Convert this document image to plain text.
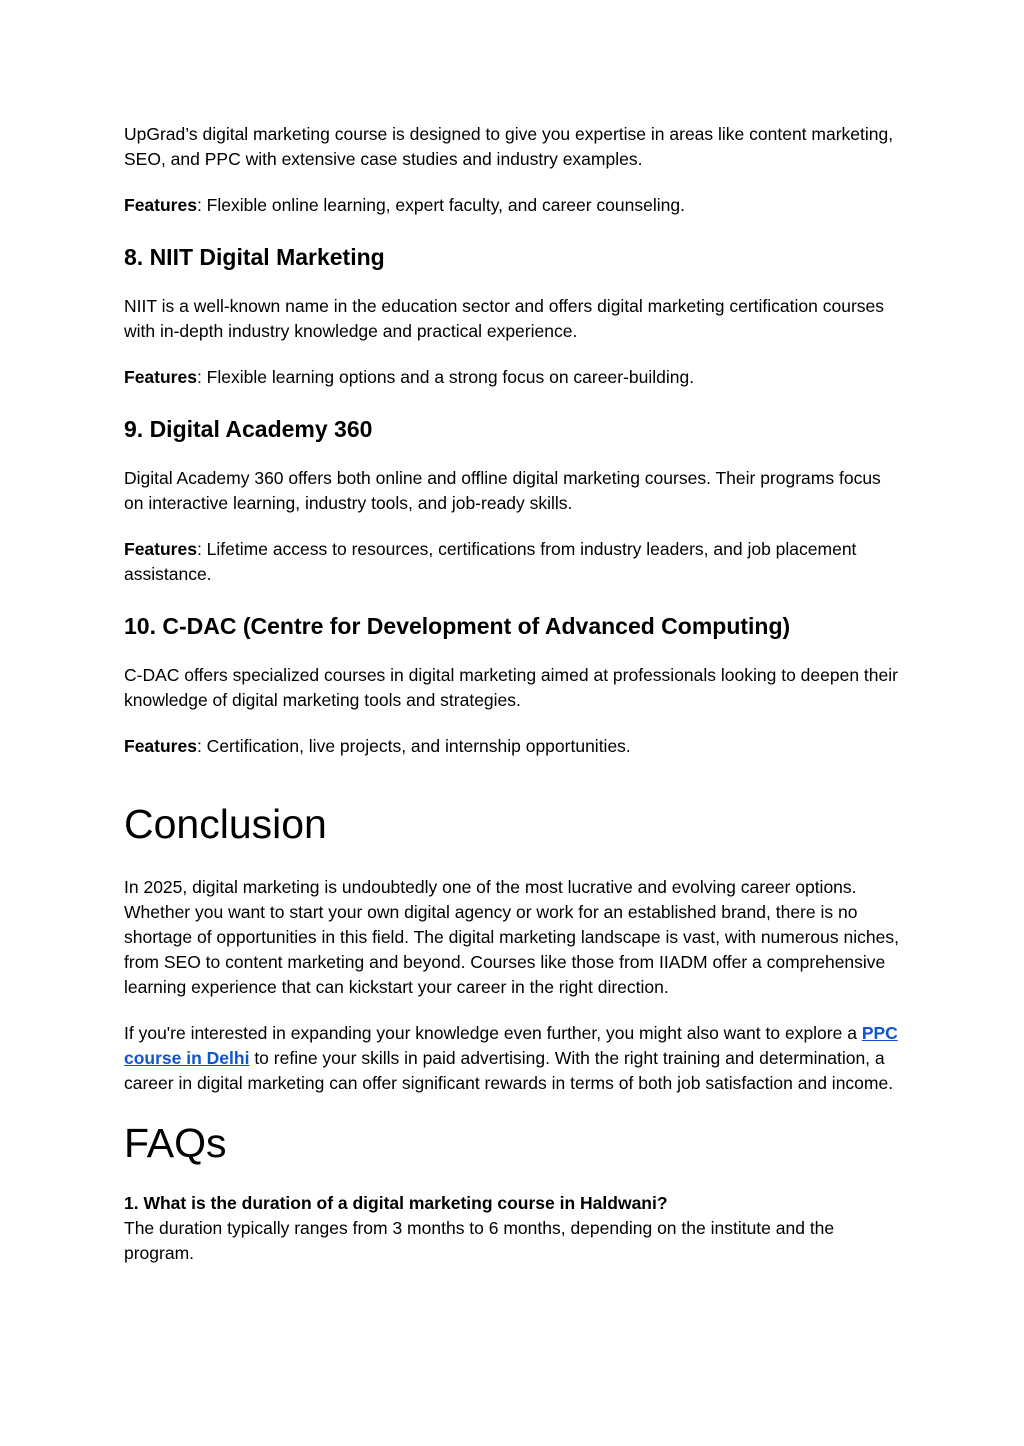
UpGrad’s digital marketing course is designed to give you expertise in areas like content marketing, SEO, and PPC with extensive case studies and industry examples.

Features: Flexible online learning, expert faculty, and career counseling.

8. NIIT Digital Marketing

NIIT is a well-known name in the education sector and offers digital marketing certification courses with in-depth industry knowledge and practical experience.

Features: Flexible learning options and a strong focus on career-building.

9. Digital Academy 360

Digital Academy 360 offers both online and offline digital marketing courses. Their programs focus on interactive learning, industry tools, and job-ready skills.

Features: Lifetime access to resources, certifications from industry leaders, and job placement assistance.

10. C-DAC (Centre for Development of Advanced Computing)

C-DAC offers specialized courses in digital marketing aimed at professionals looking to deepen their knowledge of digital marketing tools and strategies.

Features: Certification, live projects, and internship opportunities.

Conclusion

In 2025, digital marketing is undoubtedly one of the most lucrative and evolving career options. Whether you want to start your own digital agency or work for an established brand, there is no shortage of opportunities in this field. The digital marketing landscape is vast, with numerous niches, from SEO to content marketing and beyond. Courses like those from IIADM offer a comprehensive learning experience that can kickstart your career in the right direction.

If you're interested in expanding your knowledge even further, you might also want to explore a PPC course in Delhi to refine your skills in paid advertising. With the right training and determination, a career in digital marketing can offer significant rewards in terms of both job satisfaction and income.

FAQs

1. What is the duration of a digital marketing course in Haldwani?

The duration typically ranges from 3 months to 6 months, depending on the institute and the program.
